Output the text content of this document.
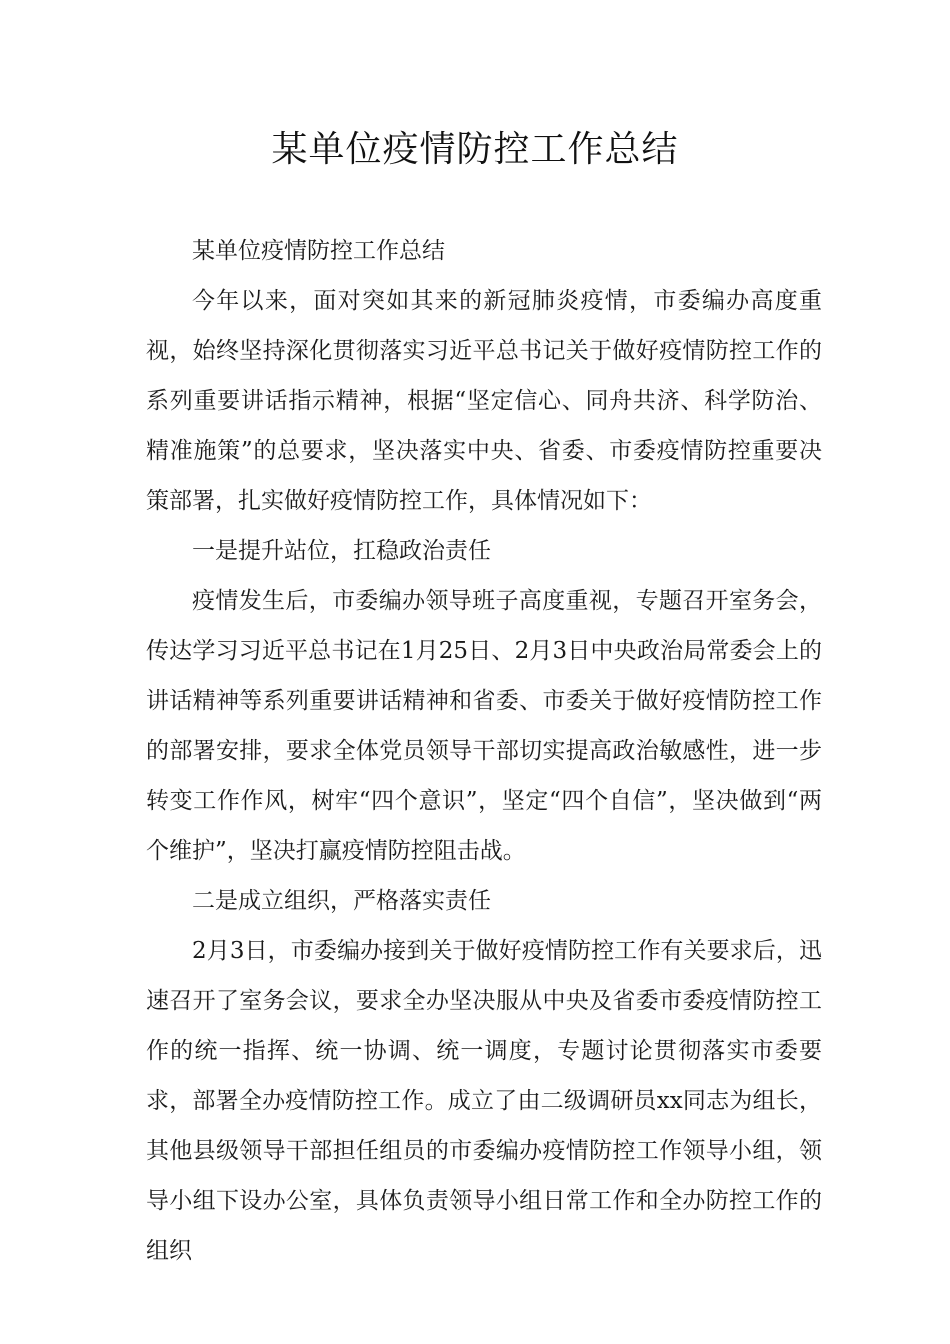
某单位疫情防控工作总结

某单位疫情防控工作总结

今年以来，面对突如其来的新冠肺炎疫情，市委编办高度重视，始终坚持深化贯彻落实习近平总书记关于做好疫情防控工作的系列重要讲话指示精神，根据“坚定信心、同舟共济、科学防治、精准施策”的总要求，坚决落实中央、省委、市委疫情防控重要决策部署，扎实做好疫情防控工作，具体情况如下：

一是提升站位，扛稳政治责任

疫情发生后，市委编办领导班子高度重视，专题召开室务会，传达学习习近平总书记在1月25日、2月3日中央政治局常委会上的讲话精神等系列重要讲话精神和省委、市委关于做好疫情防控工作的部署安排，要求全体党员领导干部切实提高政治敏感性，进一步转变工作作风，树牢“四个意识”，坚定“四个自信”，坚决做到“两个维护”，坚决打赢疫情防控阻击战。

二是成立组织，严格落实责任

2月3日，市委编办接到关于做好疫情防控工作有关要求后，迅速召开了室务会议，要求全办坚决服从中央及省委市委疫情防控工作的统一指挥、统一协调、统一调度，专题讨论贯彻落实市委要求，部署全办疫情防控工作。成立了由二级调研员xx同志为组长，其他县级领导干部担任组员的市委编办疫情防控工作领导小组，领导小组下设办公室，具体负责领导小组日常工作和全办防控工作的组织
